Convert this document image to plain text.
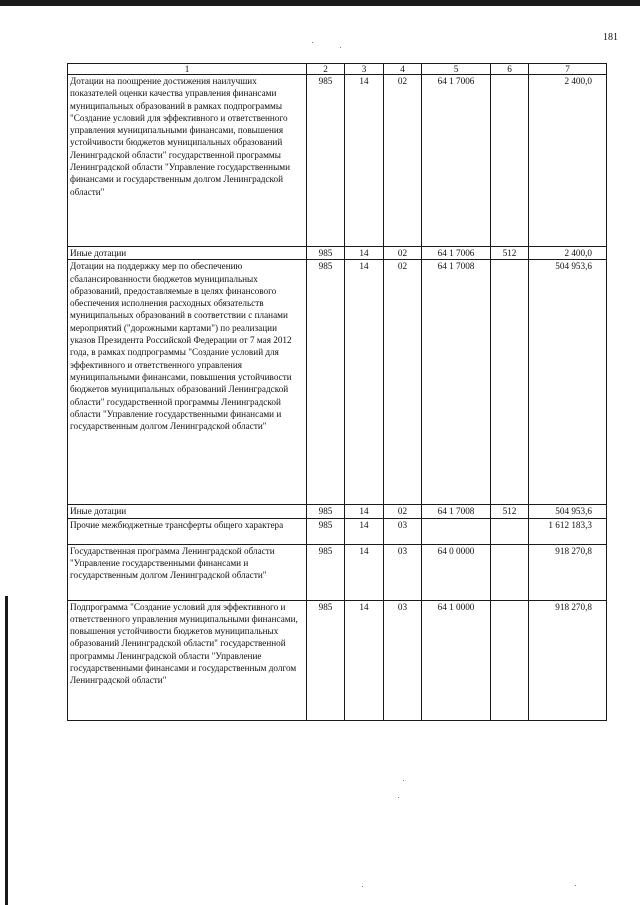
181
1	2	3	4	5	6	7
Дотации на поощрение достижения наилучших показателей оценки качества управления финансами муниципальных образований в рамках подпрограммы "Создание условий для эффективного и ответственного управления муниципальными финансами, повышения устойчивости бюджетов муниципальных образований Ленинградской области" государственной программы Ленинградской области "Управление государственными финансами и государственным долгом Ленинградской области"	985	14	02	64 1 7006		2 400,0
Иные дотации	985	14	02	64 1 7006	512	2 400,0
Дотации на поддержку мер по обеспечению сбалансированности бюджетов муниципальных образований, предоставляемые в целях финансового обеспечения исполнения расходных обязательств муниципальных образований в соответствии с планами мероприятий ("дорожными картами") по реализации указов Президента Российской Федерации от 7 мая 2012 года, в рамках подпрограммы "Создание условий для эффективного и ответственного управления муниципальными финансами, повышения устойчивости бюджетов муниципальных образований Ленинградской области" государственной программы Ленинградской области "Управление государственными финансами и государственным долгом Ленинградской области"	985	14	02	64 1 7008		504 953,6
Иные дотации	985	14	02	64 1 7008	512	504 953,6
Прочие межбюджетные трансферты общего характера	985	14	03			1 612 183,3
Государственная программа Ленинградской области "Управление государственными финансами и государственным долгом Ленинградской области"	985	14	03	64 0 0000		918 270,8
Подпрограмма "Создание условий для эффективного и ответственного управления муниципальными финансами, повышения устойчивости бюджетов муниципальных образований Ленинградской области" государственной программы Ленинградской области "Управление государственными финансами и государственным долгом Ленинградской области"	985	14	03	64 1 0000		918 270,8
